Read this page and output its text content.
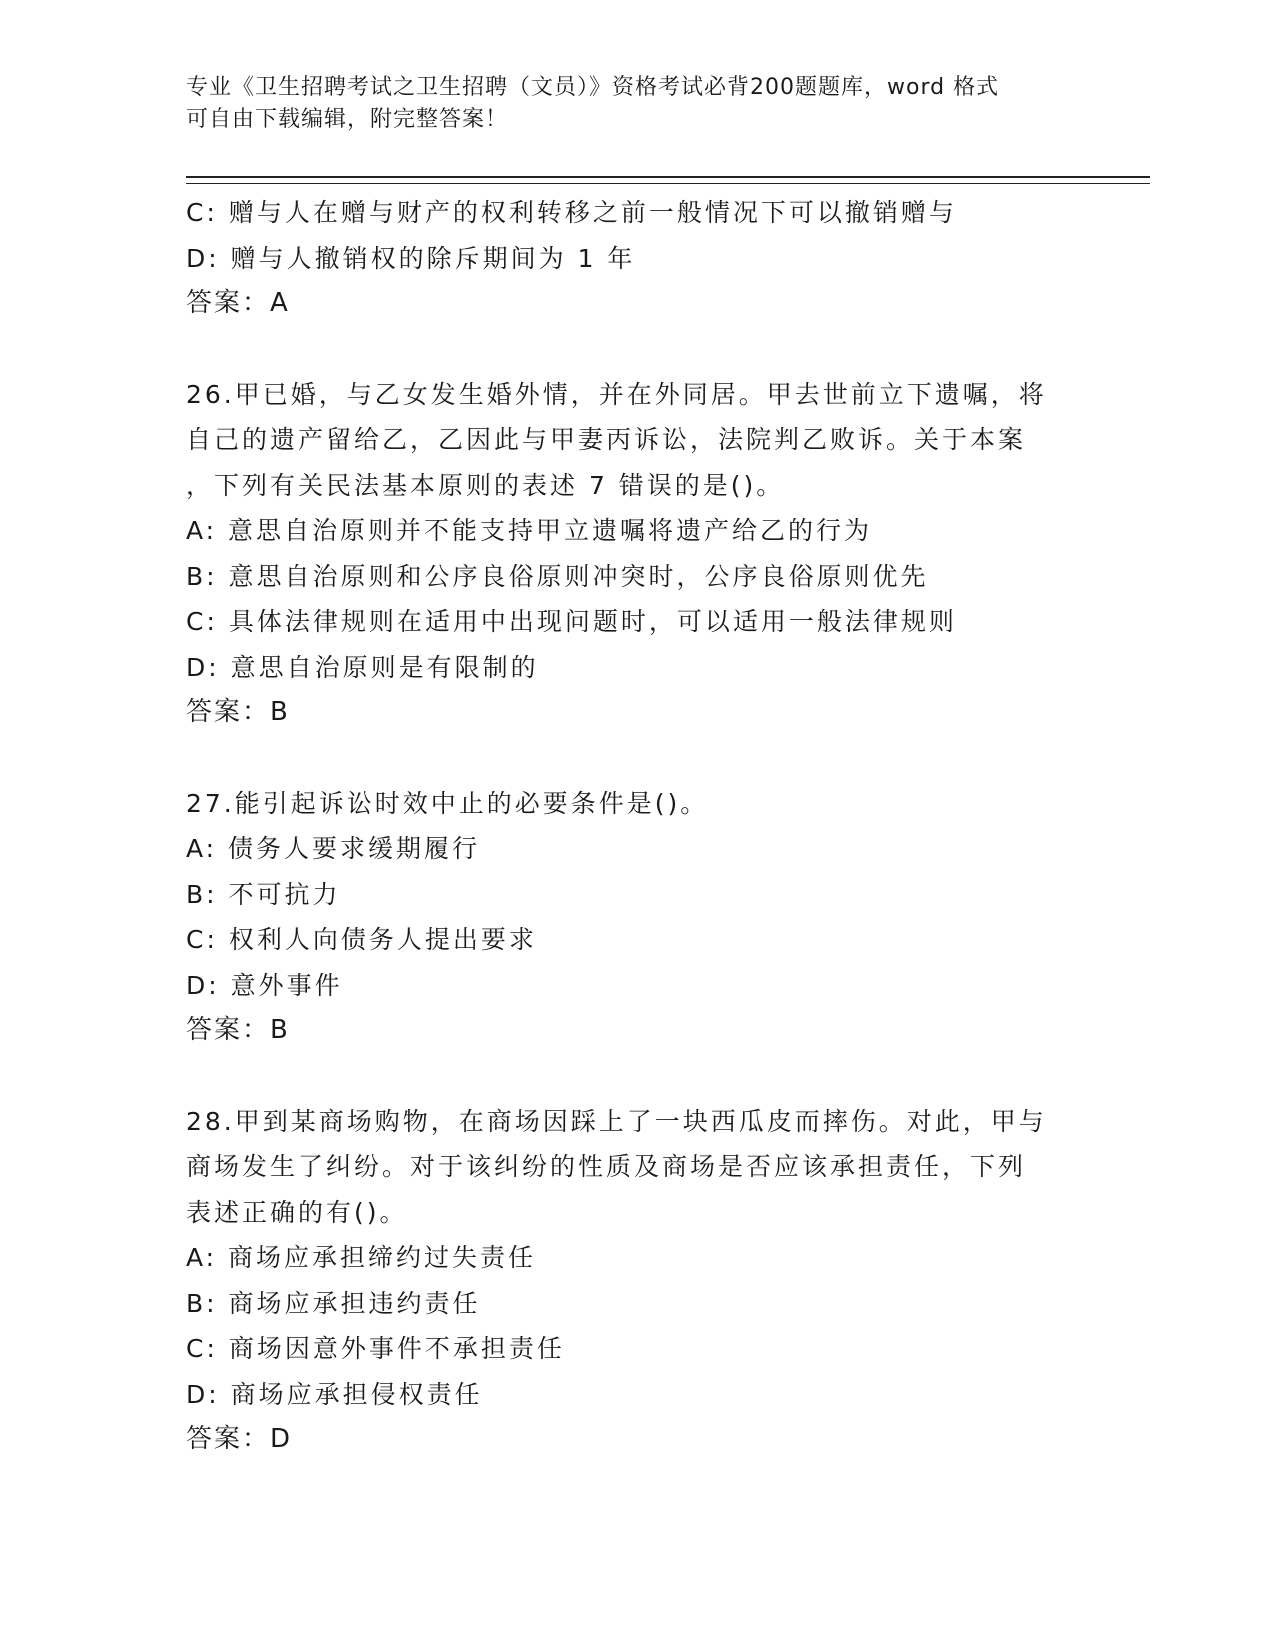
专业《卫生招聘考试之卫生招聘（文员）》资格考试必背200题题库，word 格式
可自由下载编辑，附完整答案！
C: 赠与人在赠与财产的权利转移之前一般情况下可以撤销赠与
D: 赠与人撤销权的除斥期间为 1 年
答案：A
26.甲已婚，与乙女发生婚外情，并在外同居。甲去世前立下遗嘱，将
自己的遗产留给乙，乙因此与甲妻丙诉讼，法院判乙败诉。关于本案
，下列有关民法基本原则的表述 7 错误的是()。
A: 意思自治原则并不能支持甲立遗嘱将遗产给乙的行为
B: 意思自治原则和公序良俗原则冲突时，公序良俗原则优先
C: 具体法律规则在适用中出现问题时，可以适用一般法律规则
D: 意思自治原则是有限制的
答案：B
27.能引起诉讼时效中止的必要条件是()。
A: 债务人要求缓期履行
B: 不可抗力
C: 权利人向债务人提出要求
D: 意外事件
答案：B
28.甲到某商场购物，在商场因踩上了一块西瓜皮而摔伤。对此，甲与
商场发生了纠纷。对于该纠纷的性质及商场是否应该承担责任，下列
表述正确的有()。
A: 商场应承担缔约过失责任
B: 商场应承担违约责任
C: 商场因意外事件不承担责任
D: 商场应承担侵权责任
答案：D
